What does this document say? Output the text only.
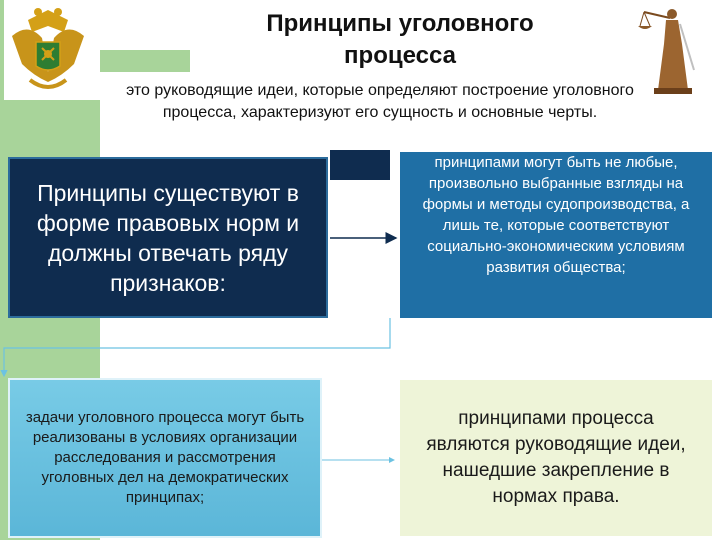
Принципы уголовного
процесса
это руководящие идеи, которые определяют построение уголовного процесса, характеризуют его сущность и основные черты.
Принципы существуют в форме правовых норм и должны отвечать ряду признаков:

принципами могут быть не любые, произвольно выбранные взгляды на формы и методы судопроизводства, а лишь те, которые соответствуют социально-экономическим условиям развития общества;

задачи уголовного процесса могут быть реализованы в условиях организации расследования и рассмотрения уголовных дел на демократических принципах;
принципами процесса являются руководящие идеи, нашедшие закрепление в нормах права.
